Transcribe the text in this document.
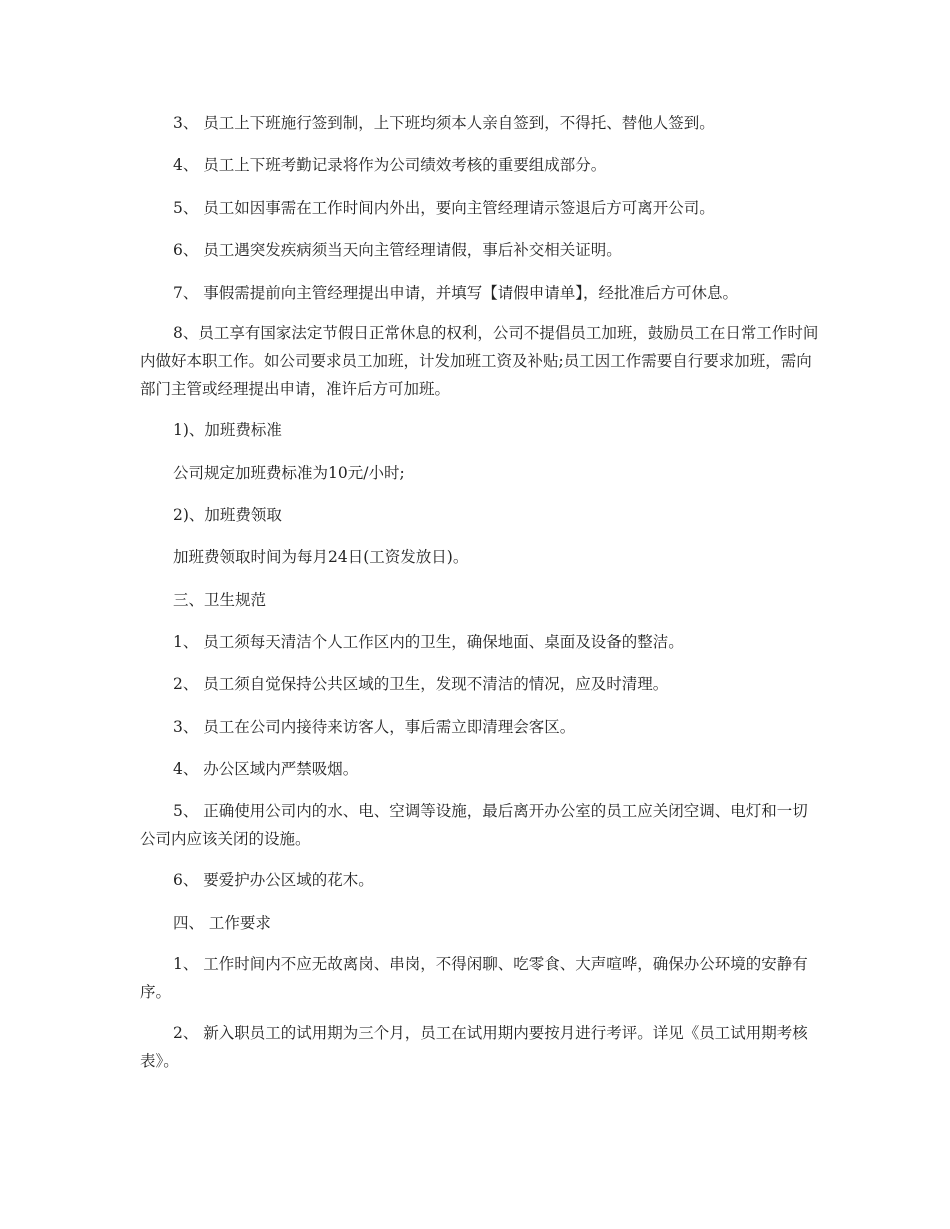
3、 员工上下班施行签到制，上下班均须本人亲自签到，不得托、替他人签到。

4、 员工上下班考勤记录将作为公司绩效考核的重要组成部分。

5、 员工如因事需在工作时间内外出，要向主管经理请示签退后方可离开公司。

6、 员工遇突发疾病须当天向主管经理请假，事后补交相关证明。

7、 事假需提前向主管经理提出申请，并填写【请假申请单】，经批准后方可休息。

8、员工享有国家法定节假日正常休息的权利，公司不提倡员工加班，鼓励员工在日常工作时间内做好本职工作。如公司要求员工加班，计发加班工资及补贴;员工因工作需要自行要求加班，需向部门主管或经理提出申请，准许后方可加班。

1)、加班费标准

公司规定加班费标准为10元/小时;

2)、加班费领取

加班费领取时间为每月24日(工资发放日)。

三、卫生规范

1、 员工须每天清洁个人工作区内的卫生，确保地面、桌面及设备的整洁。

2、 员工须自觉保持公共区域的卫生，发现不清洁的情况，应及时清理。

3、 员工在公司内接待来访客人，事后需立即清理会客区。

4、 办公区域内严禁吸烟。

5、 正确使用公司内的水、电、空调等设施，最后离开办公室的员工应关闭空调、电灯和一切公司内应该关闭的设施。

6、 要爱护办公区域的花木。

四、 工作要求

1、 工作时间内不应无故离岗、串岗，不得闲聊、吃零食、大声喧哗，确保办公环境的安静有序。

2、 新入职员工的试用期为三个月，员工在试用期内要按月进行考评。详见《员工试用期考核表》。
